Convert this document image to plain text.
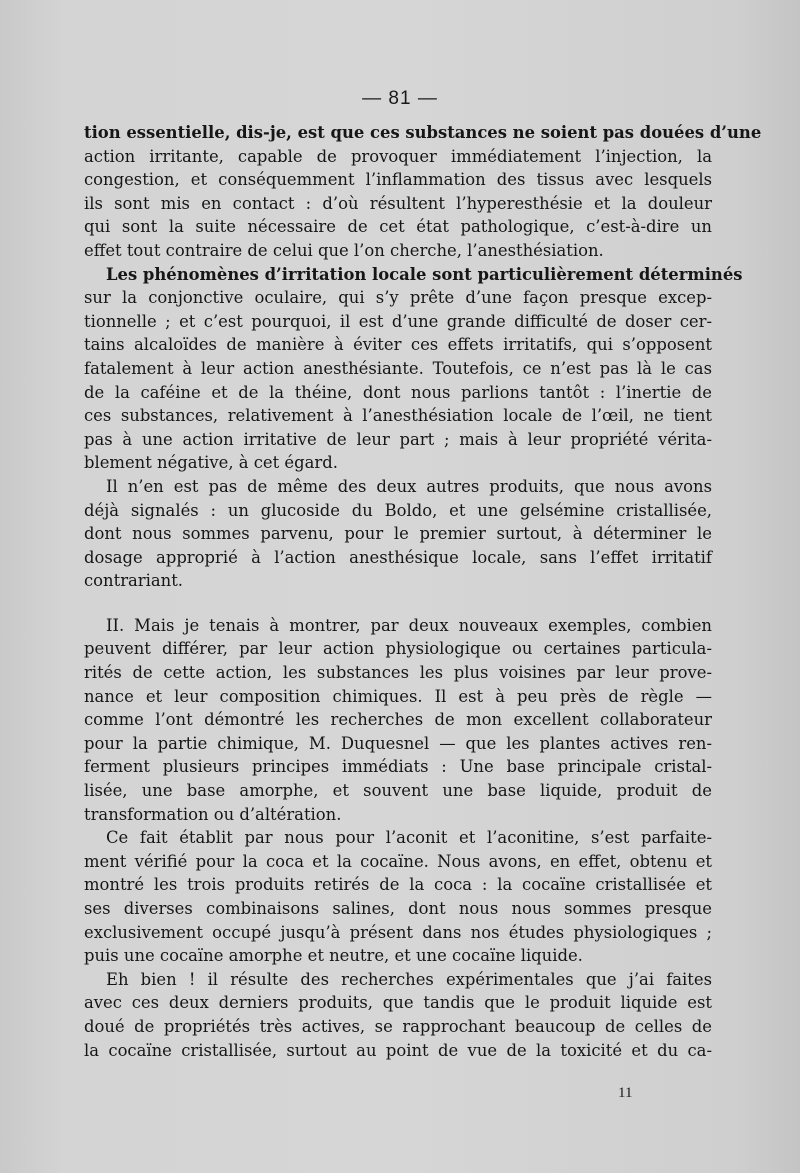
— 81 —
tion essentielle, dis-je, est que ces substances ne soient pas douées d’une
action irritante, capable de provoquer immédiatement l’injection, la
congestion, et conséquemment l’inflammation des tissus avec lesquels
ils sont mis en contact : d’où résultent l’hyperesthésie et la douleur
qui sont la suite nécessaire de cet état pathologique, c’est-à-dire un
effet tout contraire de celui que l’on cherche, l’anesthésiation.
Les phénomènes d’irritation locale sont particulièrement déterminés
sur la conjonctive oculaire, qui s’y prête d’une façon presque excep-
tionnelle ; et c’est pourquoi, il est d’une grande difficulté de doser cer-
tains alcaloïdes de manière à éviter ces effets irritatifs, qui s’opposent
fatalement à leur action anesthésiante. Toutefois, ce n’est pas là le cas
de la caféine et de la théine, dont nous parlions tantôt : l’inertie de
ces substances, relativement à l’anesthésiation locale de l’œil, ne tient
pas à une action irritative de leur part ; mais à leur propriété vérita-
blement négative, à cet égard.
Il n’en est pas de même des deux autres produits, que nous avons
déjà signalés : un glucoside du Boldo, et une gelsémine cristallisée,
dont nous sommes parvenu, pour le premier surtout, à déterminer le
dosage approprié à l’action anesthésique locale, sans l’effet irritatif
contrariant.
II. Mais je tenais à montrer, par deux nouveaux exemples, combien
peuvent différer, par leur action physiologique ou certaines particula-
rités de cette action, les substances les plus voisines par leur prove-
nance et leur composition chimiques. Il est à peu près de règle —
comme l’ont démontré les recherches de mon excellent collaborateur
pour la partie chimique, M. Duquesnel — que les plantes actives ren-
ferment plusieurs principes immédiats : Une base principale cristal-
lisée, une base amorphe, et souvent une base liquide, produit de
transformation ou d’altération.
Ce fait établit par nous pour l’aconit et l’aconitine, s’est parfaite-
ment vérifié pour la coca et la cocaïne. Nous avons, en effet, obtenu et
montré les trois produits retirés de la coca : la cocaïne cristallisée et
ses diverses combinaisons salines, dont nous nous sommes presque
exclusivement occupé jusqu’à présent dans nos études physiologiques ;
puis une cocaïne amorphe et neutre, et une cocaïne liquide.
Eh bien ! il résulte des recherches expérimentales que j’ai faites
avec ces deux derniers produits, que tandis que le produit liquide est
doué de propriétés très actives, se rapprochant beaucoup de celles de
la cocaïne cristallisée, surtout au point de vue de la toxicité et du ca-
11
